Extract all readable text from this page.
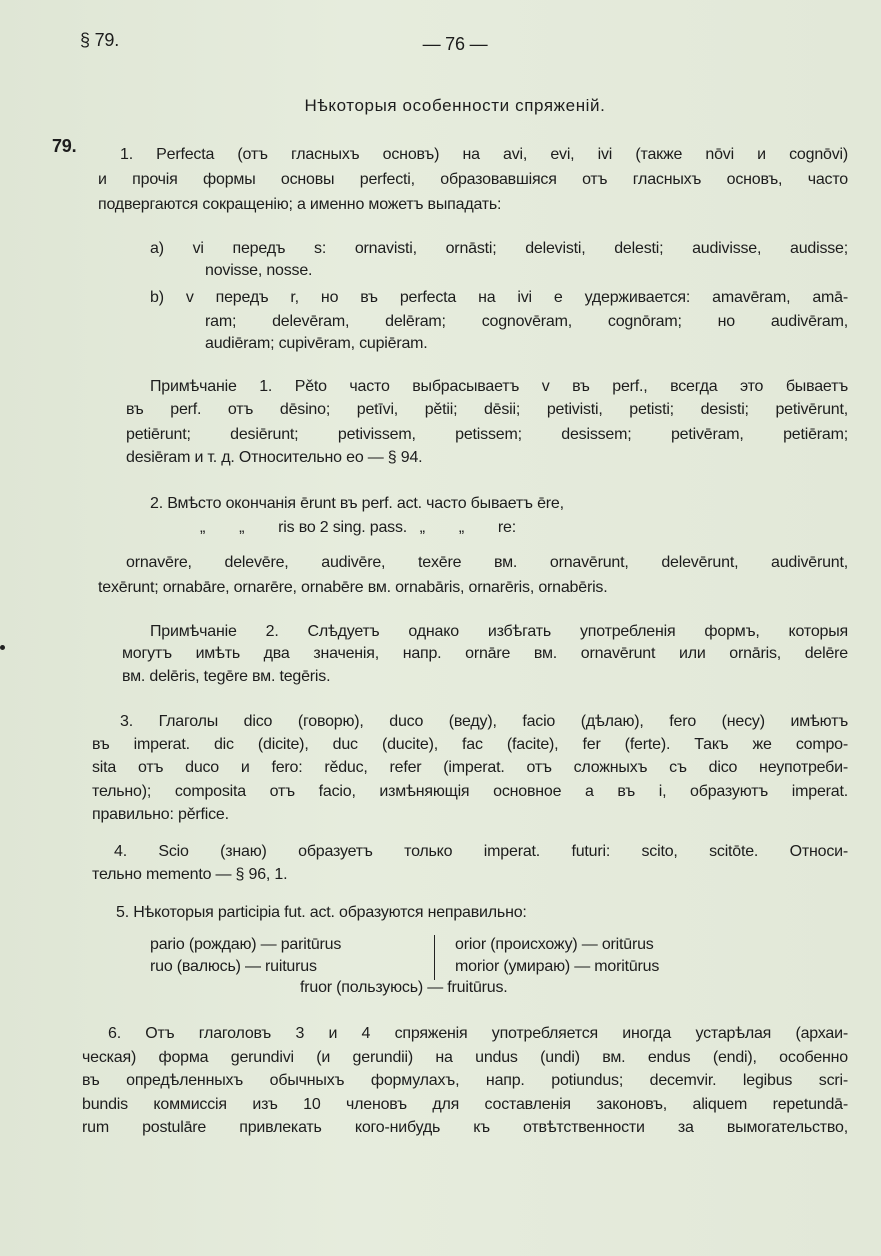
§ 79.	— 76 —
Нѣкоторыя особенности спряженій.
79.	1. Perfecta (отъ гласныхъ основъ) на avi, evi, ivi (также nōvi и cognōvi)
и прочія формы основы perfecti, образовавшіяся отъ гласныхъ основъ, часто
подвергаются сокращенію; а именно можетъ выпадать:
a) vi передъ s: ornavisti, ornāsti; delevisti, delesti; audivisse, audisse;
novisse, nosse.
b) v передъ r, но въ perfecta на ivi e удерживается: amavēram, amā-
ram; delevēram, delēram; cognovēram, cognōram; но audivēram,
audiēram; cupivēram, cupiēram.
Примѣчаніе 1. Pěto часто выбрасываетъ v въ perf., всегда это бываетъ
въ perf. отъ dēsino; petīvi, pětii; dēsii; petivisti, petisti; desisti; petivērunt,
petiērunt; desiērunt; petivissem, petissem; desissem; petivēram, petiēram;
desiēram и т. д. Относительно eo — § 94.
2. Вмѣсто окончанія ērunt въ perf. act. часто бываетъ ēre,
„        „        ris во 2 sing. pass.   „        „        re:
ornavēre, delevēre, audivēre, texēre вм. ornavērunt, delevērunt, audivērunt,
texērunt; ornabāre, ornarēre, ornabēre вм. ornabāris, ornarēris, ornabēris.
Примѣчаніе 2. Слѣдуетъ однако избѣгать употребленія формъ, которыя
могутъ имѣть два значенія, напр. ornāre вм. ornavērunt или ornāris, delēre
вм. delēris, tegēre вм. tegēris.
3. Глаголы dico (говорю), duco (веду), facio (дѣлаю), fero (несу) имѣютъ
въ imperat. dic (dicite), duc (ducite), fac (facite), fer (ferte). Такъ же compo-
sita отъ duco и fero: rěduc, refer (imperat. отъ сложныхъ съ dico неупотреби-
тельно); composita отъ facio, измѣняющія основное a въ i, образуютъ imperat.
правильно: pěrfice.
4. Scio (знаю) образуетъ только imperat. futuri: scito, scitōte. Относи-
тельно memento — § 96, 1.
5. Нѣкоторыя participia fut. act. образуются неправильно:
pario (рождаю) — paritūrus	orior (происхожу) — oritūrus
ruo (валюсь) — ruiturus	morior (умираю) — moritūrus
fruor (пользуюсь) — fruitūrus.
6. Отъ глаголовъ 3 и 4 спряженія употребляется иногда устарѣлая (архаи-
ческая) форма gerundivi (и gerundii) на undus (undi) вм. endus (endi), особенно
въ опредѣленныхъ обычныхъ формулахъ, напр. potiundus; decemvir. legibus scri-
bundis коммиссія изъ 10 членовъ для составленія законовъ, aliquem repetundā-
rum postulāre привлекать кого-нибудь къ отвѣтственности за вымогательство,
